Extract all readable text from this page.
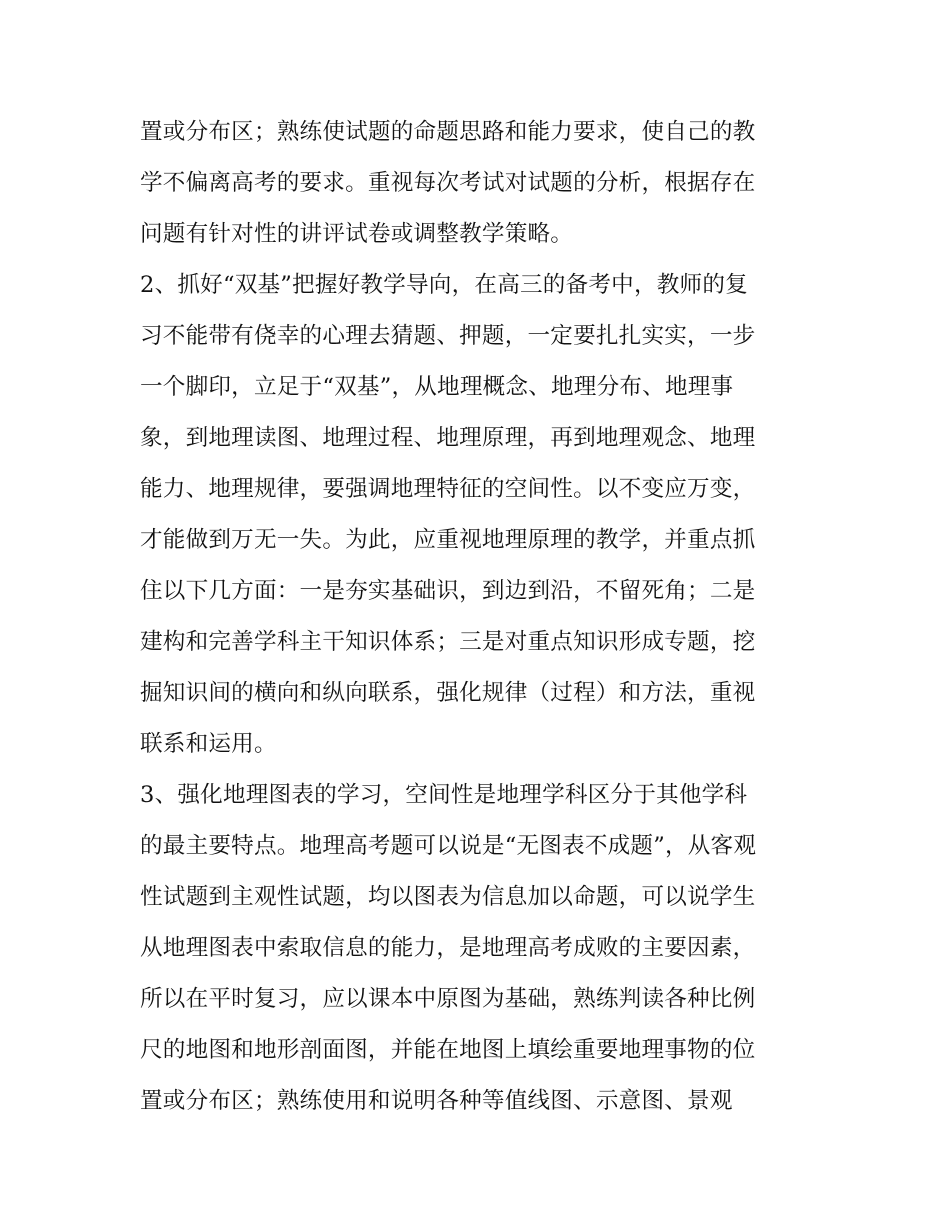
置或分布区；熟练使试题的命题思路和能力要求，使自己的教
学不偏离高考的要求。重视每次考试对试题的分析，根据存在
问题有针对性的讲评试卷或调整教学策略。
2、抓好“双基”把握好教学导向，在高三的备考中，教师的复
习不能带有侥幸的心理去猜题、押题，一定要扎扎实实，一步
一个脚印，立足于“双基”，从地理概念、地理分布、地理事
象，到地理读图、地理过程、地理原理，再到地理观念、地理
能力、地理规律，要强调地理特征的空间性。以不变应万变，
才能做到万无一失。为此，应重视地理原理的教学，并重点抓
住以下几方面：一是夯实基础识，到边到沿，不留死角；二是
建构和完善学科主干知识体系；三是对重点知识形成专题，挖
掘知识间的横向和纵向联系，强化规律（过程）和方法，重视
联系和运用。
3、强化地理图表的学习，空间性是地理学科区分于其他学科
的最主要特点。地理高考题可以说是“无图表不成题”，从客观
性试题到主观性试题，均以图表为信息加以命题，可以说学生
从地理图表中索取信息的能力，是地理高考成败的主要因素，
所以在平时复习，应以课本中原图为基础，熟练判读各种比例
尺的地图和地形剖面图，并能在地图上填绘重要地理事物的位
置或分布区；熟练使用和说明各种等值线图、示意图、景观
